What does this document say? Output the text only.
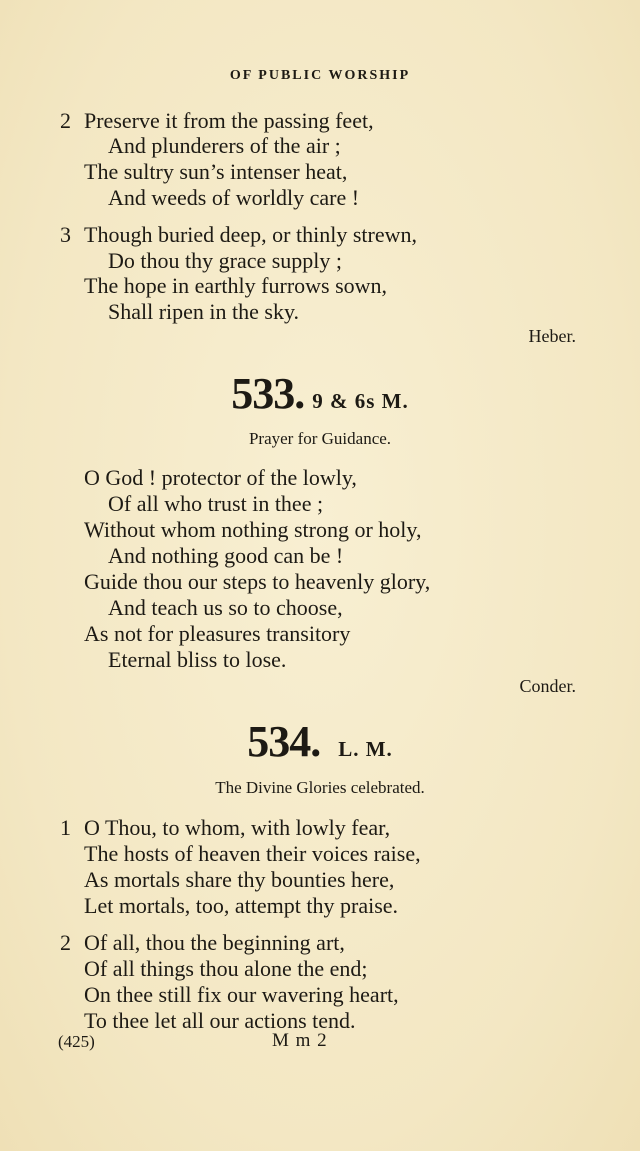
OF PUBLIC WORSHIP
2 Preserve it from the passing feet,
And plunderers of the air ;
The sultry sun’s intenser heat,
And weeds of worldly care !
3 Though buried deep, or thinly strewn,
Do thou thy grace supply ;
The hope in earthly furrows sown,
Shall ripen in the sky.
Heber.
533. 9 & 6s M.
Prayer for Guidance.
O God ! protector of the lowly,
Of all who trust in thee ;
Without whom nothing strong or holy,
And nothing good can be !
Guide thou our steps to heavenly glory,
And teach us so to choose,
As not for pleasures transitory
Eternal bliss to lose.
Conder.
534. L. M.
The Divine Glories celebrated.
1 O Thou, to whom, with lowly fear,
The hosts of heaven their voices raise,
As mortals share thy bounties here,
Let mortals, too, attempt thy praise.
2 Of all, thou the beginning art,
Of all things thou alone the end;
On thee still fix our wavering heart,
To thee let all our actions tend.
(425)	M m 2
